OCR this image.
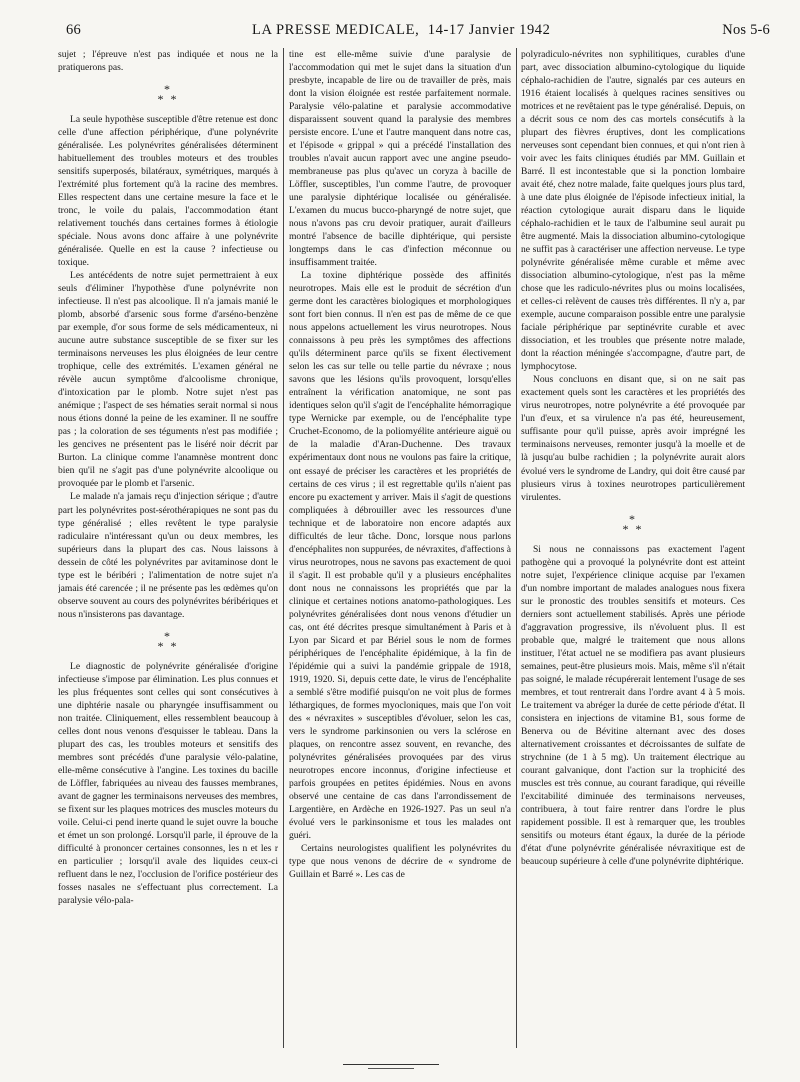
66	LA PRESSE MEDICALE, 14-17 Janvier 1942	Nos 5-6

sujet ; l'épreuve n'est pas indiquée et nous ne la pratiquerons pas.

*
* *

La seule hypothèse susceptible d'être retenue est donc celle d'une affection périphérique, d'une polynévrite généralisée. Les polynévrites généralisées déterminent habituellement des troubles moteurs et des troubles sensitifs superposés, bilatéraux, symétriques, marqués à l'extrémité plus fortement qu'à la racine des membres. Elles respectent dans une certaine mesure la face et le tronc, le voile du palais, l'accommodation étant relativement touchés dans certaines formes à étiologie spéciale. Nous avons donc affaire à une polynévrite généralisée. Quelle en est la cause ? infectieuse ou toxique.

Les antécédents de notre sujet permettraient à eux seuls d'éliminer l'hypothèse d'une polynévrite non infectieuse. Il n'est pas alcoolique. Il n'a jamais manié le plomb, absorbé d'arsenic sous forme d'arséno-benzène par exemple, d'or sous forme de sels médicamenteux, ni aucune autre substance susceptible de se fixer sur les terminaisons nerveuses les plus éloignées de leur centre trophique, celle des extrémités. L'examen général ne révèle aucun symptôme d'alcoolisme chronique, d'intoxication par le plomb. Notre sujet n'est pas anémique ; l'aspect de ses hématies serait normal si nous nous étions donné la peine de les examiner. Il ne souffre pas ; la coloration de ses téguments n'est pas modifiée ; les gencives ne présentent pas le liséré noir décrit par Burton. La clinique comme l'anamnèse montrent donc bien qu'il ne s'agit pas d'une polynévrite alcoolique ou provoquée par le plomb et l'arsenic.

Le malade n'a jamais reçu d'injection sérique ; d'autre part les polynévrites post-sérothérapiques ne sont pas du type généralisé ; elles revêtent le type paralysie radiculaire n'intéressant qu'un ou deux membres, les supérieurs dans la plupart des cas. Nous laissons à dessein de côté les polynévrites par avitaminose dont le type est le béribéri ; l'alimentation de notre sujet n'a jamais été carencée ; il ne présente pas les œdèmes qu'on observe souvent au cours des polynévrites béribériques et nous n'insisterons pas davantage.

*
* *

Le diagnostic de polynévrite généralisée d'origine infectieuse s'impose par élimination. Les plus connues et les plus fréquentes sont celles qui sont consécutives à une diphtérie nasale ou pharyngée insuffisamment ou non traitée. Cliniquement, elles ressemblent beaucoup à celles dont nous venons d'esquisser le tableau. Dans la plupart des cas, les troubles moteurs et sensitifs des membres sont précédés d'une paralysie vélo-palatine, elle-même consécutive à l'angine. Les toxines du bacille de Löffler, fabriquées au niveau des fausses membranes, avant de gagner les terminaisons nerveuses des membres, se fixent sur les plaques motrices des muscles moteurs du voile. Celui-ci pend inerte quand le sujet ouvre la bouche et émet un son prolongé. Lorsqu'il parle, il éprouve de la difficulté à prononcer certaines consonnes, les n et les r en particulier ; lorsqu'il avale des liquides ceux-ci refluent dans le nez, l'occlusion de l'orifice postérieur des fosses nasales ne s'effectuant plus correctement. La paralysie vélo-pala-

tine est elle-même suivie d'une paralysie de l'accommodation qui met le sujet dans la situation d'un presbyte, incapable de lire ou de travailler de près, mais dont la vision éloignée est restée parfaitement normale. Paralysie vélo-palatine et paralysie accommodative disparaissent souvent quand la paralysie des membres persiste encore. L'une et l'autre manquent dans notre cas, et l'épisode « grippal » qui a précédé l'installation des troubles n'avait aucun rapport avec une angine pseudo-membraneuse pas plus qu'avec un coryza à bacille de Löffler, susceptibles, l'un comme l'autre, de provoquer une paralysie diphtérique localisée ou généralisée. L'examen du mucus bucco-pharyngé de notre sujet, que nous n'avons pas cru devoir pratiquer, aurait d'ailleurs montré l'absence de bacille diphtérique, qui persiste longtemps dans le cas d'infection méconnue ou insuffisamment traitée.

La toxine diphtérique possède des affinités neurotropes. Mais elle est le produit de sécrétion d'un germe dont les caractères biologiques et morphologiques sont fort bien connus. Il n'en est pas de même de ce que nous appelons actuellement les virus neurotropes. Nous connaissons à peu près les symptômes des affections qu'ils déterminent parce qu'ils se fixent électivement selon les cas sur telle ou telle partie du névraxe ; nous savons que les lésions qu'ils provoquent, lorsqu'elles entraînent la vérification anatomique, ne sont pas identiques selon qu'il s'agit de l'encéphalite hémorragique type Wernicke par exemple, ou de l'encéphalite type Cruchet-Economo, de la poliomyélite antérieure aiguë ou de la maladie d'Aran-Duchenne. Des travaux expérimentaux dont nous ne voulons pas faire la critique, ont essayé de préciser les caractères et les propriétés de certains de ces virus ; il est regrettable qu'ils n'aient pas encore pu exactement y arriver. Mais il s'agit de questions compliquées à débrouiller avec les ressources d'une technique et de laboratoire non encore adaptés aux difficultés de leur tâche. Donc, lorsque nous parlons d'encéphalites non suppurées, de névraxites, d'affections à virus neurotropes, nous ne savons pas exactement de quoi il s'agit. Il est probable qu'il y a plusieurs encéphalites dont nous ne connaissons les propriétés que par la clinique et certaines notions anatomo-pathologiques. Les polynévrites généralisées dont nous venons d'étudier un cas, ont été décrites presque simultanément à Paris et à Lyon par Sicard et par Bériel sous le nom de formes périphériques de l'encéphalite épidémique, à la fin de l'épidémie qui a suivi la pandémie grippale de 1918, 1919, 1920. Si, depuis cette date, le virus de l'encéphalite a semblé s'être modifié puisqu'on ne voit plus de formes léthargiques, de formes myocloniques, mais que l'on voit des « névraxites » susceptibles d'évoluer, selon les cas, vers le syndrome parkinsonien ou vers la sclérose en plaques, on rencontre assez souvent, en revanche, des polynévrites généralisées provoquées par des virus neurotropes encore inconnus, d'origine infectieuse et parfois groupées en petites épidémies. Nous en avons observé une centaine de cas dans l'arrondissement de Largentière, en Ardèche en 1926-1927. Pas un seul n'a évolué vers le parkinsonisme et tous les malades ont guéri.

Certains neurologistes qualifient les polynévrites du type que nous venons de décrire de « syndrome de Guillain et Barré ». Les cas de

polyradiculo-névrites non syphilitiques, curables d'une part, avec dissociation albumino-cytologique du liquide céphalo-rachidien de l'autre, signalés par ces auteurs en 1916 étaient localisés à quelques racines sensitives ou motrices et ne revêtaient pas le type généralisé. Depuis, on a décrit sous ce nom des cas mortels consécutifs à la plupart des fièvres éruptives, dont les complications nerveuses sont cependant bien connues, et qui n'ont rien à voir avec les faits cliniques étudiés par MM. Guillain et Barré. Il est incontestable que si la ponction lombaire avait été, chez notre malade, faite quelques jours plus tard, à une date plus éloignée de l'épisode infectieux initial, la réaction cytologique aurait disparu dans le liquide céphalo-rachidien et le taux de l'albumine seul aurait pu être augmenté. Mais la dissociation albumino-cytologique ne suffit pas à caractériser une affection nerveuse. Le type polynévrite généralisée même curable et même avec dissociation albumino-cytologique, n'est pas la même chose que les radiculo-névrites plus ou moins localisées, et celles-ci relèvent de causes très différentes. Il n'y a, par exemple, aucune comparaison possible entre une paralysie faciale périphérique par septinévrite curable et avec dissociation, et les troubles que présente notre malade, dont la réaction méningée s'accompagne, d'autre part, de lymphocytose.

Nous concluons en disant que, si on ne sait pas exactement quels sont les caractères et les propriétés des virus neurotropes, notre polynévrite a été provoquée par l'un d'eux, et sa virulence n'a pas été, heureusement, suffisante pour qu'il puisse, après avoir imprégné les terminaisons nerveuses, remonter jusqu'à la moelle et de là jusqu'au bulbe rachidien ; la polynévrite aurait alors évolué vers le syndrome de Landry, qui doit être causé par plusieurs virus à toxines neurotropes particulièrement virulentes.

*
* *

Si nous ne connaissons pas exactement l'agent pathogène qui a provoqué la polynévrite dont est atteint notre sujet, l'expérience clinique acquise par l'examen d'un nombre important de malades analogues nous fixera sur le pronostic des troubles sensitifs et moteurs. Ces derniers sont actuellement stabilisés. Après une période d'aggravation progressive, ils n'évoluent plus. Il est probable que, malgré le traitement que nous allons instituer, l'état actuel ne se modifiera pas avant plusieurs semaines, peut-être plusieurs mois. Mais, même s'il n'était pas soigné, le malade récupérerait lentement l'usage de ses membres, et tout rentrerait dans l'ordre avant 4 à 5 mois. Le traitement va abréger la durée de cette période d'état. Il consistera en injections de vitamine B1, sous forme de Benerva ou de Bévitine alternant avec des doses alternativement croissantes et décroissantes de sulfate de strychnine (de 1 à 5 mg). Un traitement électrique au courant galvanique, dont l'action sur la trophicité des muscles est très connue, au courant faradique, qui réveille l'excitabilité diminuée des terminaisons nerveuses, contribuera, à tout faire rentrer dans l'ordre le plus rapidement possible. Il est à remarquer que, les troubles sensitifs ou moteurs étant égaux, la durée de la période d'état d'une polynévrite généralisée névraxitique est de beaucoup supérieure à celle d'une polynévrite diphtérique.
